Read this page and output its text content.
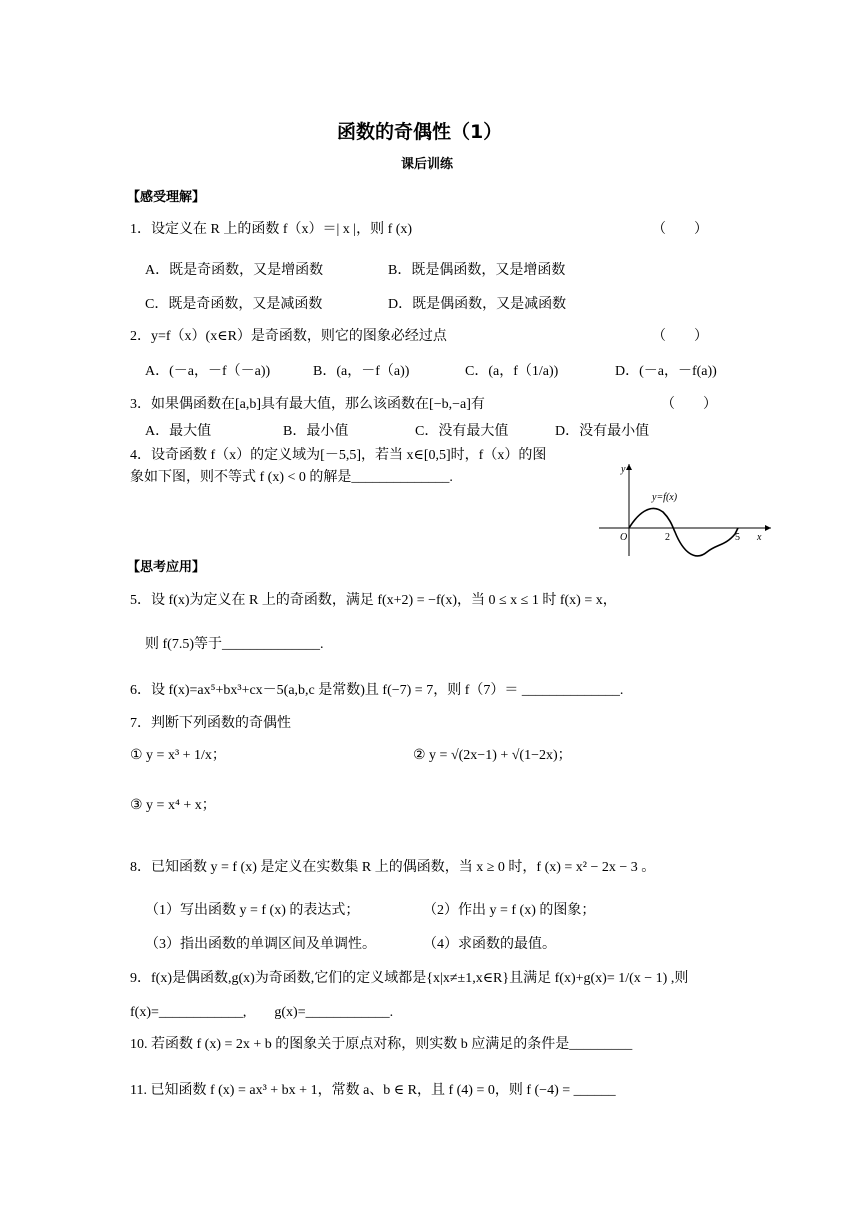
函数的奇偶性（1）
课后训练
【感受理解】
1．设定义在 R 上的函数 f（x）＝| x |，则 f (x)	（　　）
A．既是奇函数，又是增函数	B．既是偶函数，又是增函数
C．既是奇函数，又是减函数	D．既是偶函数，又是减函数
2．y=f（x）(x∈R）是奇函数，则它的图象必经过点	（　　）
A．(－a，－f（－a))	B．(a，－f（a))	C．(a，f（1/a))	D．(－a，－f(a))
3．如果偶函数在[a,b]具有最大值，那么该函数在[−b,−a]有	（　　）
A．最大值	B．最小值	C．没有最大值	D．没有最小值
4．设奇函数 f（x）的定义域为[－5,5]，若当 x∈[0,5]时，f（x）的图
象如下图，则不等式 f (x) < 0 的解是______________.
y
x
y=f(x)
O	2	5
【思考应用】
5．设 f(x)为定义在 R 上的奇函数，满足 f(x+2) = −f(x)，当 0 ≤ x ≤ 1 时 f(x) = x，
则 f(7.5)等于______________.
6．设 f(x)=ax⁵+bx³+cx－5(a,b,c 是常数)且 f(−7) = 7，则 f（7）＝ ______________.
7．判断下列函数的奇偶性
① y = x³ + 1/x；	② y = √(2x−1) + √(1−2x)；
③ y = x⁴ + x；
8．已知函数 y = f (x) 是定义在实数集 R 上的偶函数，当 x ≥ 0 时，f (x) = x² − 2x − 3 。
（1）写出函数 y = f (x) 的表达式；	（2）作出 y = f (x) 的图象；
（3）指出函数的单调区间及单调性。	（4）求函数的最值。
9．f(x)是偶函数,g(x)为奇函数,它们的定义域都是{x|x≠±1,x∈R}且满足 f(x)+g(x)= 1/(x − 1) ,则
f(x)=____________,　　g(x)=____________.
10. 若函数 f (x) = 2x + b 的图象关于原点对称，则实数 b 应满足的条件是_________
11. 已知函数 f (x) = ax³ + bx + 1，常数 a、b ∈ R，且 f (4) = 0，则 f (−4) = ______
